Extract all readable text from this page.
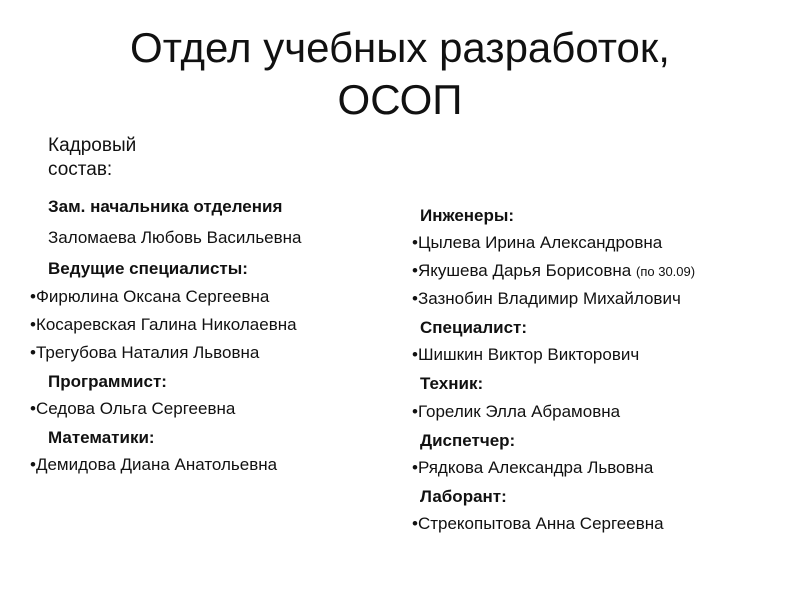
Отдел учебных разработок,
ОСОП
Кадровый состав:
Зам. начальника отделения
Заломаева Любовь Васильевна
Ведущие специалисты:
•Фирюлина Оксана Сергеевна
•Косаревская Галина Николаевна
•Трегубова Наталия Львовна
Программист:
•Седова Ольга Сергеевна
Математики:
•Демидова Диана Анатольевна
Инженеры:
•Цылева Ирина Александровна
•Якушева Дарья Борисовна (по 30.09)
•Зазнобин Владимир Михайлович
Специалист:
•Шишкин Виктор Викторович
Техник:
•Горелик Элла Абрамовна
Диспетчер:
•Рядкова Александра Львовна
Лаборант:
•Стрекопытова Анна Сергеевна
